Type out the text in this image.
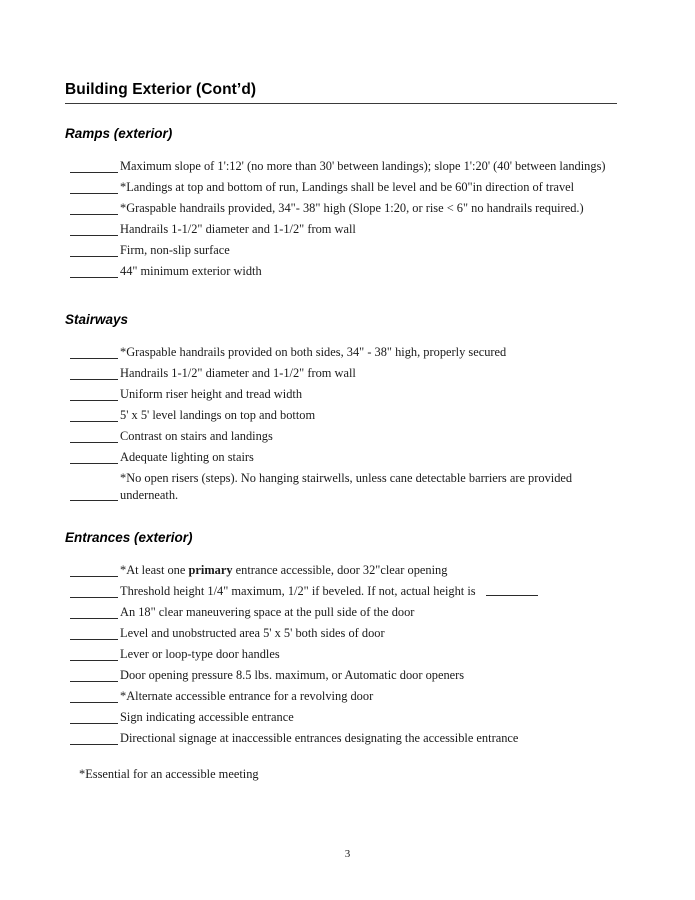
Building Exterior (Cont’d)
Ramps (exterior)
Maximum slope of 1':12' (no more than 30' between landings); slope 1':20' (40' between landings)
*Landings at top and bottom of run, Landings shall be level and be 60"in direction of travel
*Graspable handrails provided, 34"- 38" high (Slope 1:20, or rise < 6" no handrails required.)
Handrails 1-1/2" diameter and 1-1/2" from wall
Firm, non-slip surface
44" minimum exterior width
Stairways
*Graspable handrails provided on both sides, 34" - 38" high, properly secured
Handrails 1-1/2" diameter and 1-1/2" from wall
Uniform riser height and tread width
5' x 5' level landings on top and bottom
Contrast on stairs and landings
Adequate lighting on stairs
*No open risers (steps). No hanging stairwells, unless cane detectable barriers are provided underneath.
Entrances (exterior)
*At least one primary entrance accessible, door 32"clear opening
Threshold height 1/4" maximum, 1/2" if beveled. If not, actual height is
An 18" clear maneuvering space at the pull side of the door
Level and unobstructed area 5' x 5' both sides of door
Lever or loop-type door handles
Door opening pressure 8.5 lbs. maximum, or Automatic door openers
*Alternate accessible entrance for a revolving door
Sign indicating accessible entrance
Directional signage at inaccessible entrances designating the accessible entrance
*Essential for an accessible meeting
3
